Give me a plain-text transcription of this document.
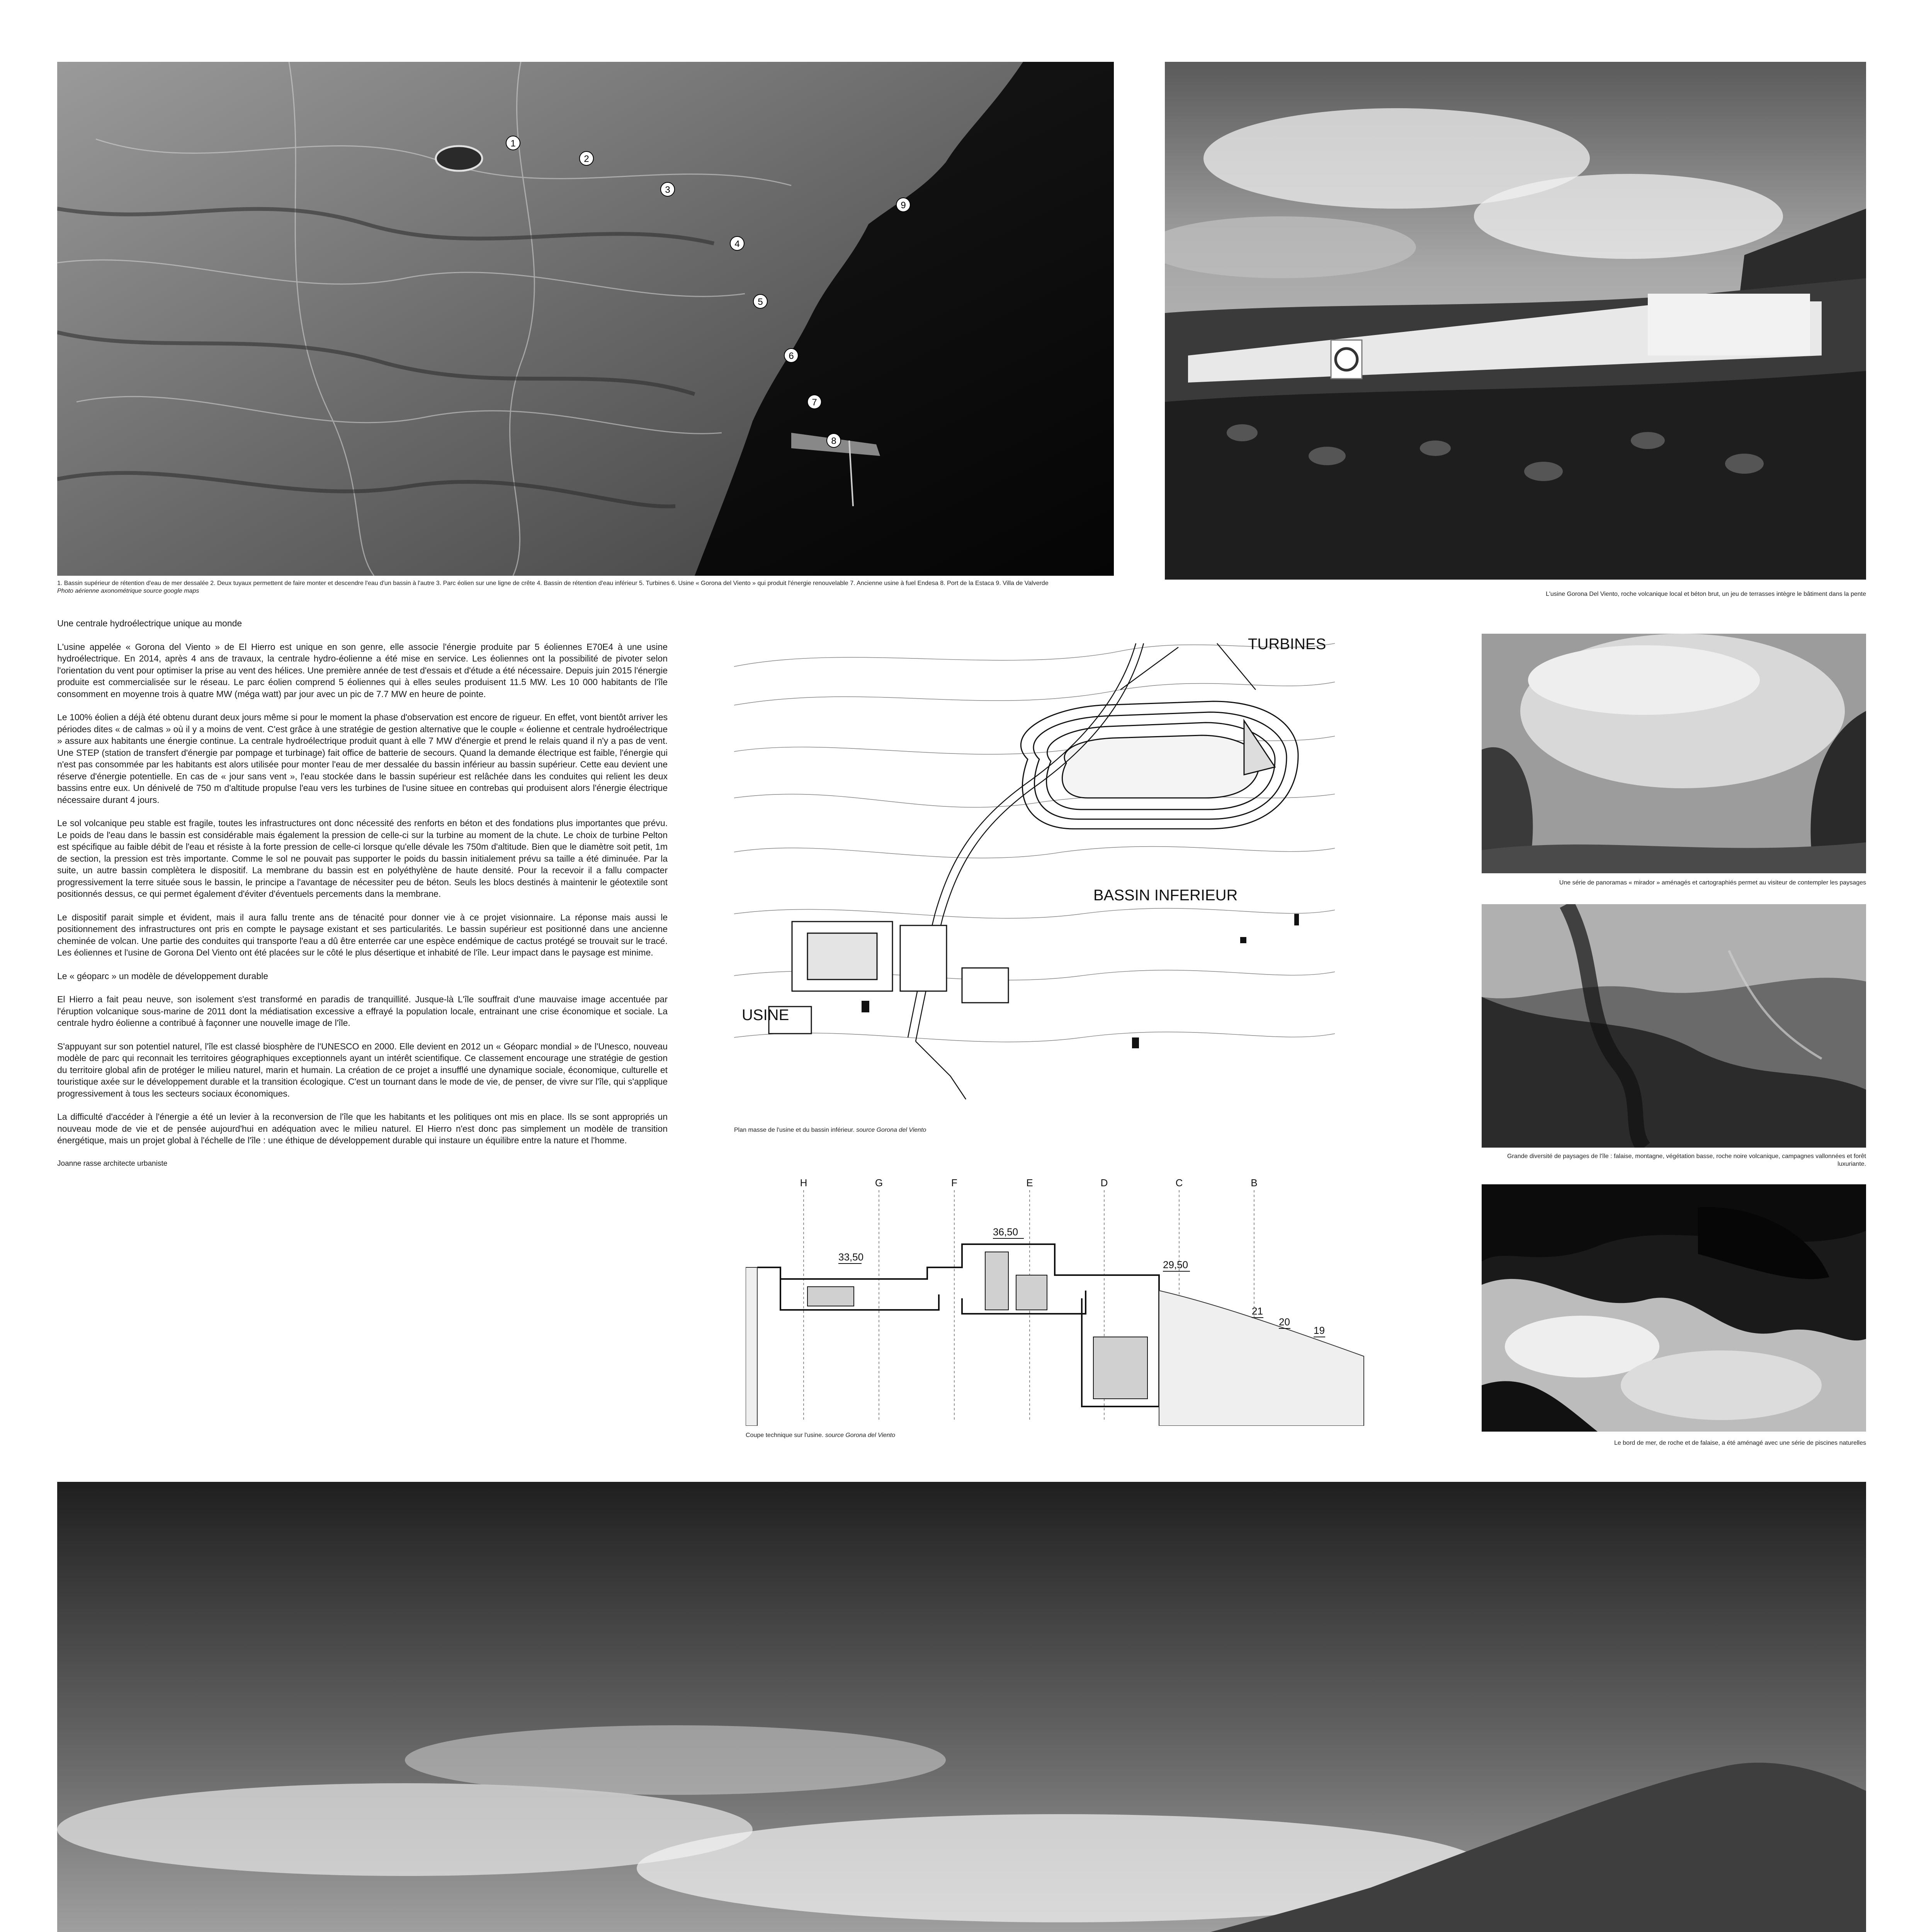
1
2
3
4
5
6
7
8
9
1. Bassin supérieur de rétention d'eau de mer dessalée 2. Deux tuyaux permettent de faire monter et descendre l'eau d'un bassin à l'autre 3. Parc éolien sur une ligne de crête 4. Bassin de rétention d'eau inférieur 5. Turbines 6. Usine « Gorona del Viento » qui produit l'énergie renouvelable 7. Ancienne usine à fuel Endesa 8. Port de la Estaca 9. Villa de Valverde
Photo aérienne axonométrique source google maps	L'usine Gorona Del Viento, roche volcanique local et béton brut, un jeu de terrasses intègre le bâtiment dans la pente
Une centrale hydroélectrique unique au monde

L'usine appelée « Gorona del Viento » de El Hierro est unique en son genre, elle associe l'énergie produite par 5 éoliennes E70E4 à une usine hydroélectrique. En 2014, après 4 ans de travaux, la centrale hydro-éolienne a été mise en service. Les éoliennes ont la possibilité de pivoter selon l'orientation du vent pour optimiser la prise au vent des hélices. Une première année de test d'essais et d'étude a été nécessaire. Depuis juin 2015 l'énergie produite est commercialisée sur le réseau. Le parc éolien comprend 5 éoliennes qui à elles seules produisent 11.5 MW. Les 10 000 habitants de l'île consomment en moyenne trois à quatre MW (méga watt) par jour avec un pic de 7.7 MW en heure de pointe.

Le 100% éolien a déjà été obtenu durant deux jours même si pour le moment la phase d'observation est encore de rigueur. En effet, vont bientôt arriver les périodes dites « de calmas » où il y a moins de vent. C'est grâce à une stratégie de gestion alternative que le couple « éolienne et centrale hydroélectrique » assure aux habitants une énergie continue. La centrale hydroélectrique produit quant à elle 7 MW d'énergie et prend le relais quand il n'y a pas de vent. Une STEP (station de transfert d'énergie par pompage et turbinage) fait office de batterie de secours. Quand la demande électrique est faible, l'énergie qui n'est pas consommée par les habitants est alors utilisée pour monter l'eau de mer dessalée du bassin inférieur au bassin supérieur. Cette eau devient une réserve d'énergie potentielle. En cas de « jour sans vent », l'eau stockée dans le bassin supérieur est relâchée dans les conduites qui relient les deux bassins entre eux. Un dénivelé de 750 m d'altitude propulse l'eau vers les turbines de l'usine situee en contrebas qui produisent alors l'énergie électrique nécessaire durant 4 jours.

Le sol volcanique peu stable est fragile, toutes les infrastructures ont donc nécessité des renforts en béton et des fondations plus importantes que prévu. Le poids de l'eau dans le bassin est considérable mais également la pression de celle-ci sur la turbine au moment de la chute. Le choix de turbine Pelton est spécifique au faible débit de l'eau et résiste à la forte pression de celle-ci lorsque qu'elle dévale les 750m d'altitude. Bien que le diamètre soit petit, 1m de section, la pression est très importante. Comme le sol ne pouvait pas supporter le poids du bassin initialement prévu sa taille a été diminuée. Par la suite, un autre bassin complètera le dispositif. La membrane du bassin est en polyéthylène de haute densité. Pour la recevoir il a fallu compacter progressivement la terre située sous le bassin, le principe a l'avantage de nécessiter peu de béton. Seuls les blocs destinés à maintenir le géotextile sont positionnés dessus, ce qui permet également d'éviter d'éventuels percements dans la membrane.

Le dispositif parait simple et évident, mais il aura fallu trente ans de ténacité pour donner vie à ce projet visionnaire. La réponse mais aussi le positionnement des infrastructures ont pris en compte le paysage existant et ses particularités. Le bassin supérieur est positionné dans une ancienne cheminée de volcan. Une partie des conduites qui transporte l'eau a dû être enterrée car une espèce endémique de cactus protégé se trouvait sur le tracé. Les éoliennes et l'usine de Gorona Del Viento ont été placées sur le côté le plus désertique et inhabité de l'île. Leur impact dans le paysage est minime.

Le « géoparc » un modèle de développement durable

El Hierro a fait peau neuve, son isolement s'est transformé en paradis de tranquillité. Jusque-là L'île souffrait d'une mauvaise image accentuée par l'éruption volcanique sous-marine de 2011 dont la médiatisation excessive a effrayé la population locale, entrainant une crise économique et sociale. La centrale hydro éolienne a contribué à façonner une nouvelle image de l'île.

S'appuyant sur son potentiel naturel, l'île est classé biosphère de l'UNESCO en 2000. Elle devient en 2012 un « Géoparc mondial » de l'Unesco, nouveau modèle de parc qui reconnait les territoires géographiques exceptionnels ayant un intérêt scientifique. Ce classement encourage une stratégie de gestion du territoire global afin de protéger le milieu naturel, marin et humain. La création de ce projet a insufflé une dynamique sociale, économique, culturelle et touristique axée sur le développement durable et la transition écologique. C'est un tournant dans le mode de vie, de penser, de vivre sur l'île, qui s'applique progressivement à tous les secteurs sociaux économiques.

La difficulté d'accéder à l'énergie a été un levier à la reconversion de l'île que les habitants et les politiques ont mis en place. Ils se sont appropriés un nouveau mode de vie et de pensée aujourd'hui en adéquation avec le milieu naturel. El Hierro n'est donc pas simplement un modèle de transition énergétique, mais un projet global à l'échelle de l'île : une éthique de développement durable qui instaure un équilibre entre la nature et l'homme.

Joanne rasse architecte urbaniste
TURBINES
BASSIN INFERIEUR
USINE
Plan masse de l'usine et du bassin inférieur. source Gorona del Viento
H	G	F	E	D	C	B
33,50
36,50
29,50
21
20
19
Coupe technique sur l'usine. source Gorona del Viento
Une série de panoramas « mirador » aménagés et cartographiés permet au visiteur de contempler les paysages
Grande diversité de paysages de l'île : falaise, montagne, végétation basse, roche noire volcanique, campagnes vallonnées et forêt luxuriante.
Le bord de mer, de roche et de falaise, a été aménagé avec une série de piscines naturelles
